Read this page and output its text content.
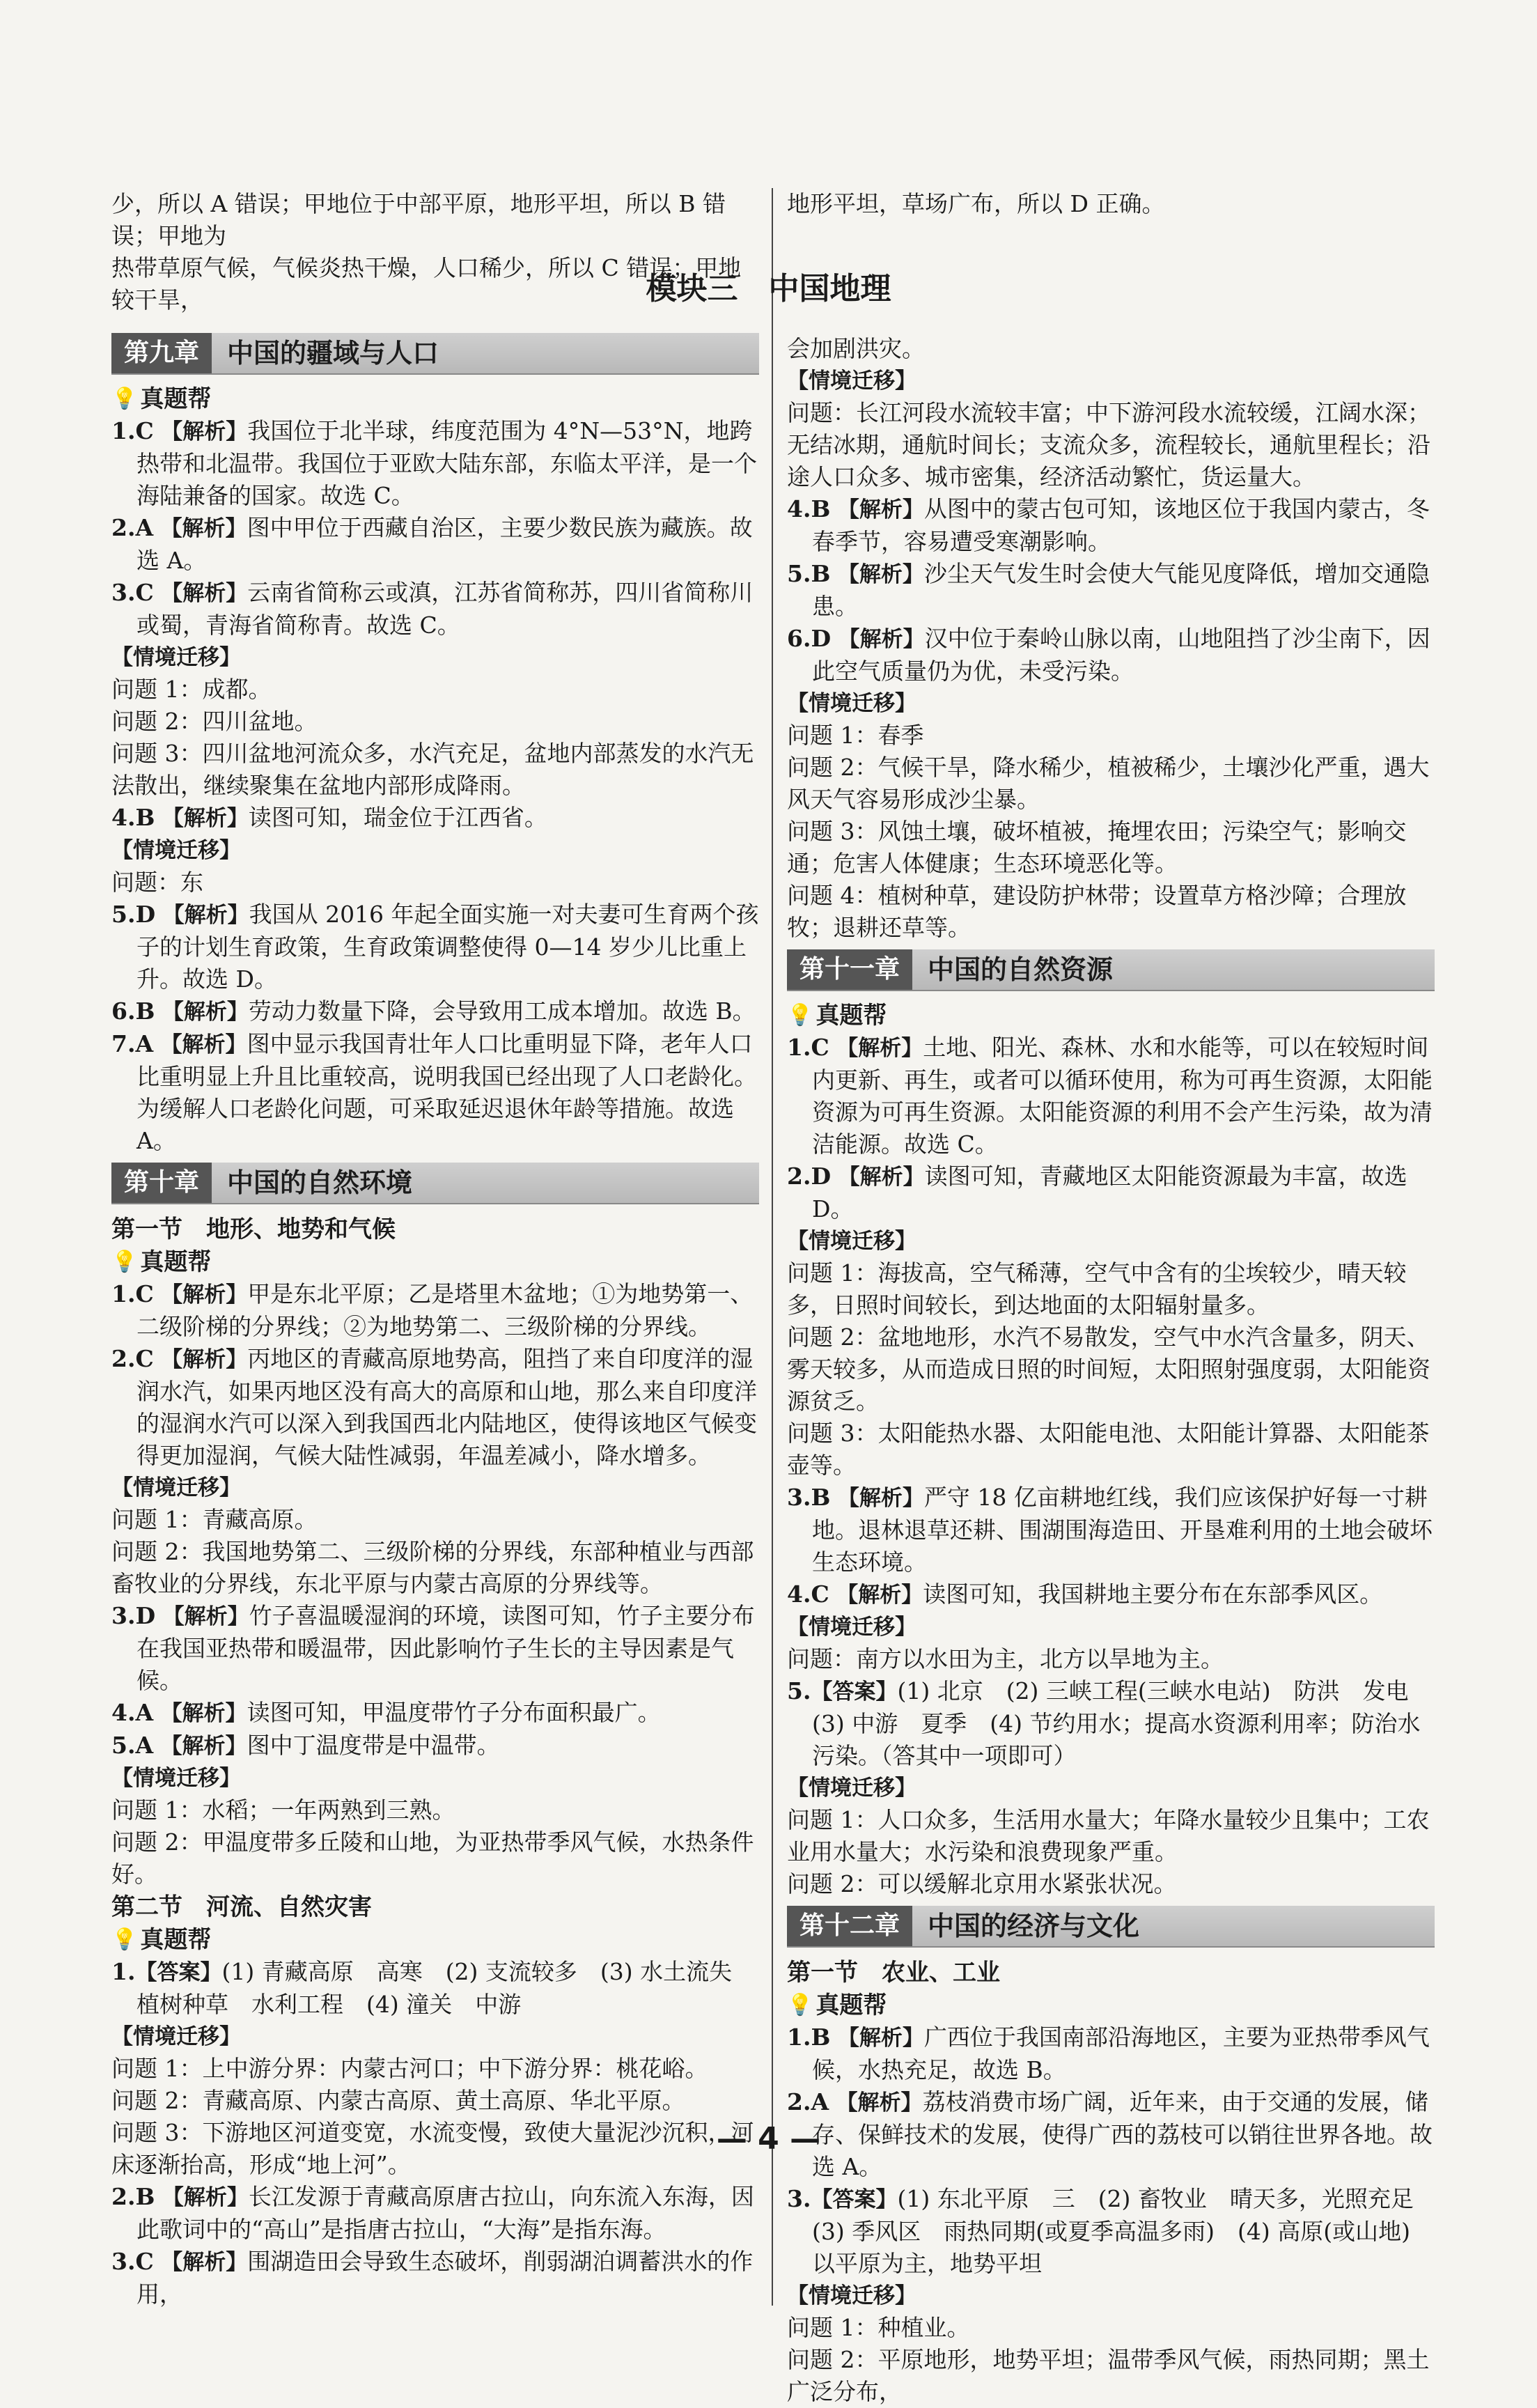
少，所以 A 错误；甲地位于中部平原，地形平坦，所以 B 错误；甲地为
热带草原气候，气候炎热干燥，人口稀少，所以 C 错误；甲地较干旱，
地形平坦，草场广布，所以 D 正确。
模块三　中国地理
第九章	中国的疆域与人口
💡 真题帮
1.C 【解析】我国位于北半球，纬度范围为 4°N—53°N，地跨热带和北温带。我国位于亚欧大陆东部，东临太平洋，是一个海陆兼备的国家。故选 C。
2.A 【解析】图中甲位于西藏自治区，主要少数民族为藏族。故选 A。
3.C 【解析】云南省简称云或滇，江苏省简称苏，四川省简称川或蜀，青海省简称青。故选 C。
【情境迁移】
问题 1：成都。
问题 2：四川盆地。
问题 3：四川盆地河流众多，水汽充足，盆地内部蒸发的水汽无法散出，继续聚集在盆地内部形成降雨。
4.B 【解析】读图可知，瑞金位于江西省。
【情境迁移】
问题：东
5.D 【解析】我国从 2016 年起全面实施一对夫妻可生育两个孩子的计划生育政策，生育政策调整使得 0—14 岁少儿比重上升。故选 D。
6.B 【解析】劳动力数量下降，会导致用工成本增加。故选 B。
7.A 【解析】图中显示我国青壮年人口比重明显下降，老年人口比重明显上升且比重较高，说明我国已经出现了人口老龄化。为缓解人口老龄化问题，可采取延迟退休年龄等措施。故选 A。
第十章	中国的自然环境
第一节　地形、地势和气候
💡 真题帮
1.C 【解析】甲是东北平原；乙是塔里木盆地；①为地势第一、二级阶梯的分界线；②为地势第二、三级阶梯的分界线。
2.C 【解析】丙地区的青藏高原地势高，阻挡了来自印度洋的湿润水汽，如果丙地区没有高大的高原和山地，那么来自印度洋的湿润水汽可以深入到我国西北内陆地区，使得该地区气候变得更加湿润，气候大陆性减弱，年温差减小，降水增多。
【情境迁移】
问题 1：青藏高原。
问题 2：我国地势第二、三级阶梯的分界线，东部种植业与西部畜牧业的分界线，东北平原与内蒙古高原的分界线等。
3.D 【解析】竹子喜温暖湿润的环境，读图可知，竹子主要分布在我国亚热带和暖温带，因此影响竹子生长的主导因素是气候。
4.A 【解析】读图可知，甲温度带竹子分布面积最广。
5.A 【解析】图中丁温度带是中温带。
【情境迁移】
问题 1：水稻；一年两熟到三熟。
问题 2：甲温度带多丘陵和山地，为亚热带季风气候，水热条件好。
第二节　河流、自然灾害
💡 真题帮
1.【答案】(1) 青藏高原　高寒　(2) 支流较多　(3) 水土流失　植树种草　水利工程　(4) 潼关　中游
【情境迁移】
问题 1：上中游分界：内蒙古河口；中下游分界：桃花峪。
问题 2：青藏高原、内蒙古高原、黄土高原、华北平原。
问题 3：下游地区河道变宽，水流变慢，致使大量泥沙沉积，河床逐渐抬高，形成“地上河”。
2.B 【解析】长江发源于青藏高原唐古拉山，向东流入东海，因此歌词中的“高山”是指唐古拉山，“大海”是指东海。
3.C 【解析】围湖造田会导致生态破坏，削弱湖泊调蓄洪水的作用，
会加剧洪灾。
【情境迁移】
问题：长江河段水流较丰富；中下游河段水流较缓，江阔水深；无结冰期，通航时间长；支流众多，流程较长，通航里程长；沿途人口众多、城市密集，经济活动繁忙，货运量大。
4.B 【解析】从图中的蒙古包可知，该地区位于我国内蒙古，冬春季节，容易遭受寒潮影响。
5.B 【解析】沙尘天气发生时会使大气能见度降低，增加交通隐患。
6.D 【解析】汉中位于秦岭山脉以南，山地阻挡了沙尘南下，因此空气质量仍为优，未受污染。
【情境迁移】
问题 1：春季
问题 2：气候干旱，降水稀少，植被稀少，土壤沙化严重，遇大风天气容易形成沙尘暴。
问题 3：风蚀土壤，破坏植被，掩埋农田；污染空气；影响交通；危害人体健康；生态环境恶化等。
问题 4：植树种草，建设防护林带；设置草方格沙障；合理放牧；退耕还草等。
第十一章	中国的自然资源
💡 真题帮
1.C 【解析】土地、阳光、森林、水和水能等，可以在较短时间内更新、再生，或者可以循环使用，称为可再生资源，太阳能资源为可再生资源。太阳能资源的利用不会产生污染，故为清洁能源。故选 C。
2.D 【解析】读图可知，青藏地区太阳能资源最为丰富，故选 D。
【情境迁移】
问题 1：海拔高，空气稀薄，空气中含有的尘埃较少，晴天较多，日照时间较长，到达地面的太阳辐射量多。
问题 2：盆地地形，水汽不易散发，空气中水汽含量多，阴天、雾天较多，从而造成日照的时间短，太阳照射强度弱，太阳能资源贫乏。
问题 3：太阳能热水器、太阳能电池、太阳能计算器、太阳能茶壶等。
3.B 【解析】严守 18 亿亩耕地红线，我们应该保护好每一寸耕地。退林退草还耕、围湖围海造田、开垦难利用的土地会破坏生态环境。
4.C 【解析】读图可知，我国耕地主要分布在东部季风区。
【情境迁移】
问题：南方以水田为主，北方以旱地为主。
5.【答案】(1) 北京　(2) 三峡工程(三峡水电站)　防洪　发电　(3) 中游　夏季　(4) 节约用水；提高水资源利用率；防治水污染。（答其中一项即可）
【情境迁移】
问题 1：人口众多，生活用水量大；年降水量较少且集中；工农业用水量大；水污染和浪费现象严重。
问题 2：可以缓解北京用水紧张状况。
第十二章	中国的经济与文化
第一节　农业、工业
💡 真题帮
1.B 【解析】广西位于我国南部沿海地区，主要为亚热带季风气候，水热充足，故选 B。
2.A 【解析】荔枝消费市场广阔，近年来，由于交通的发展，储存、保鲜技术的发展，使得广西的荔枝可以销往世界各地。故选 A。
3.【答案】(1) 东北平原　三　(2) 畜牧业　晴天多，光照充足　(3) 季风区　雨热同期(或夏季高温多雨)　(4) 高原(或山地)　以平原为主，地势平坦
【情境迁移】
问题 1：种植业。
问题 2：平原地形，地势平坦；温带季风气候，雨热同期；黑土广泛分布，
— 4 —
